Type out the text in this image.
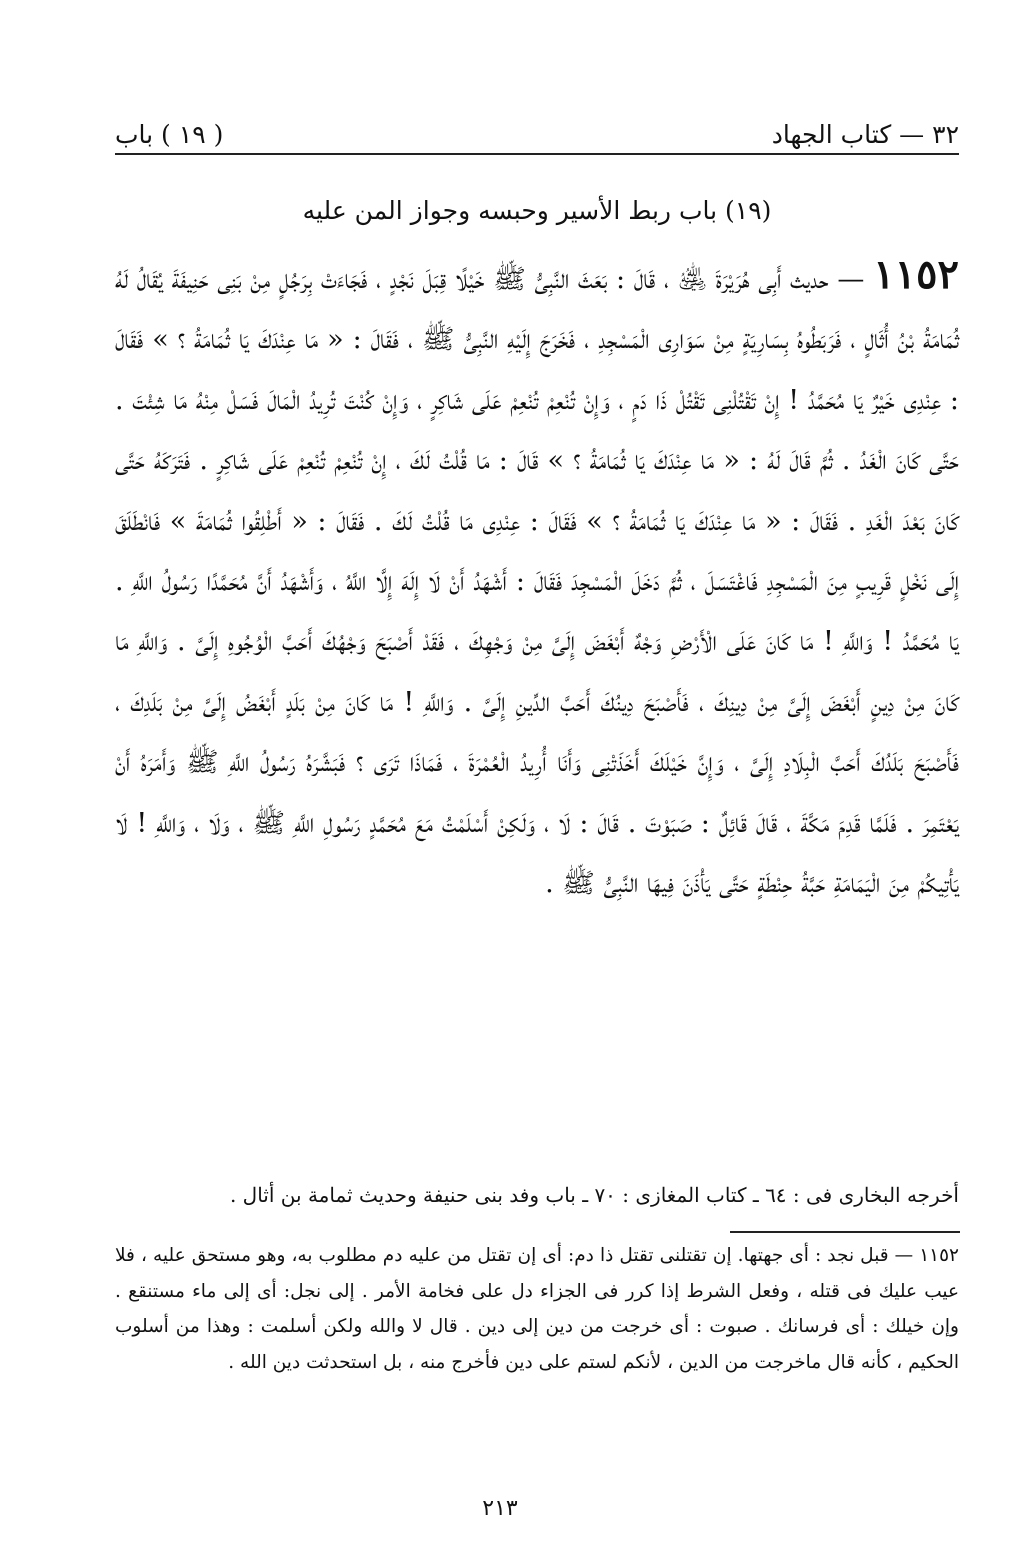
٣٢ — كتاب الجهاد
( ١٩ ) باب
(١٩) باب ربط الأسير وحبسه وجواز المن عليه
١١٥٢ — حديث أَبِى هُرَيْرَةَ ﵁ ، قَالَ : بَعَثَ النَّبِىُّ ﷺ خَيْلًا قِبَلَ نَجْدٍ ، فَجَاءَتْ بِرَجُلٍ مِنْ بَنِى حَنِيفَةَ يُقَالُ لَهُ ثُمَامَةُ بْنُ أُثَالٍ ، فَرَبَطُوهُ بِسَارِيَةٍ مِنْ سَوَارِى الْمَسْجِدِ ، فَخَرَجَ إِلَيْهِ النَّبِىُّ ﷺ ، فَقَالَ : « مَا عِنْدَكَ يَا ثُمَامَةُ ؟ » فَقَالَ : عِنْدِى خَيْرٌ يَا مُحَمَّدُ ! إِنْ تَقْتُلْنِى تَقْتُلْ ذَا دَمٍ ، وَإِنْ تُنْعِمْ تُنْعِمْ عَلَى شَاكِرٍ ، وَإِنْ كُنْتَ تُرِيدُ الْمَالَ فَسَلْ مِنْهُ مَا شِئْتَ . حَتَّى كَانَ الْغَدُ . ثُمَّ قَالَ لَهُ : « مَا عِنْدَكَ يَا ثُمَامَةُ ؟ » قَالَ : مَا قُلْتُ لَكَ ، إِنْ تُنْعِمْ تُنْعِمْ عَلَى شَاكِرٍ . فَتَرَكَهُ حَتَّى كَانَ بَعْدَ الْغَدِ . فَقَالَ : « مَا عِنْدَكَ يَا ثُمَامَةُ ؟ » فَقَالَ : عِنْدِى مَا قُلْتُ لَكَ . فَقَالَ : « أَطْلِقُوا ثُمَامَةَ » فَانْطَلَقَ إِلَى نَخْلٍ قَرِيبٍ مِنَ الْمَسْجِدِ فَاغْتَسَلَ ، ثُمَّ دَخَلَ الْمَسْجِدَ فَقَالَ : أَشْهَدُ أَنْ لَا إِلَهَ إِلَّا اللَّهُ ، وَأَشْهَدُ أَنَّ مُحَمَّدًا رَسُولُ اللَّهِ . يَا مُحَمَّدُ ! وَاللَّهِ ! مَا كَانَ عَلَى الْأَرْضِ وَجْهٌ أَبْغَضَ إِلَىَّ مِنْ وَجْهِكَ ، فَقَدْ أَصْبَحَ وَجْهُكَ أَحَبَّ الْوُجُوهِ إِلَىَّ . وَاللَّهِ مَا كَانَ مِنْ دِينٍ أَبْغَضَ إِلَىَّ مِنْ دِينِكَ ، فَأَصْبَحَ دِينُكَ أَحَبَّ الدِّينِ إِلَىَّ . وَاللَّهِ ! مَا كَانَ مِنْ بَلَدٍ أَبْغَضُ إِلَىَّ مِنْ بَلَدِكَ ، فَأَصْبَحَ بَلَدُكَ أَحَبَّ الْبِلَادِ إِلَىَّ ، وَإِنَّ خَيْلَكَ أَخَذَتْنِى وَأَنَا أُرِيدُ الْعُمْرَةَ ، فَمَاذَا تَرَى ؟ فَبَشَّرَهُ رَسُولُ اللَّهِ ﷺ وَأَمَرَهُ أَنْ يَعْتَمِرَ . فَلَمَّا قَدِمَ مَكَّةَ ، قَالَ قَائِلٌ : صَبَوْتَ . قَالَ : لَا ، وَلَكِنْ أَسْلَمْتُ مَعَ مُحَمَّدٍ رَسُولِ اللَّهِ ﷺ ، وَلَا ، وَاللَّهِ ! لَا يَأْتِيكُمْ مِنَ الْيَمَامَةِ حَبَّةُ حِنْطَةٍ حَتَّى يَأْذَنَ فِيهَا النَّبِىُّ ﷺ .
أخرجه البخارى فى : ٦٤ ـ كتاب المغازى : ٧٠ ـ باب وفد بنى حنيفة وحديث ثمامة بن أثال .
١١٥٢ — قبل نجد : أى جهتها. إن تقتلنى تقتل ذا دم: أى إن تقتل من عليه دم مطلوب به، وهو مستحق عليه ، فلا عيب عليك فى قتله ، وفعل الشرط إذا كرر فى الجزاء دل على فخامة الأمر . إلى نجل: أى إلى ماء مستنقع . وإن خيلك : أى فرسانك . صبوت : أى خرجت من دين إلى دين . قال لا والله ولكن أسلمت : وهذا من أسلوب الحكيم ، كأنه قال ماخرجت من الدين ، لأنكم لستم على دين فأخرج منه ، بل استحدثت دين الله .
٢١٣
